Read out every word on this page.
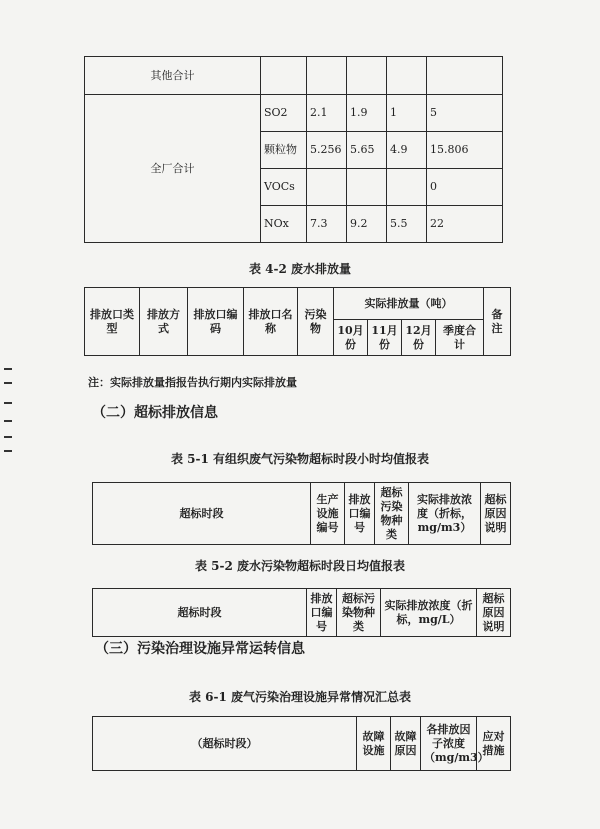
其他合计					
全厂合计	SO2	2.1	1.9	1	5
	颗粒物	5.256	5.65	4.9	15.806
	VOCs				0
	NOx	7.3	9.2	5.5	22
表 4-2 废水排放量
排放口类型	排放方式	排放口编码	排放口名称	污染物	实际排放量（吨）				备注
					10月份	11月份	12月份	季度合计	
注：实际排放量指报告执行期内实际排放量
（二）超标排放信息
表 5-1 有组织废气污染物超标时段小时均值报表
超标时段	生产设施编号	排放口编号	超标污染物种类	实际排放浓度（折标，mg/m3）	超标原因说明
表 5-2 废水污染物超标时段日均值报表
超标时段	排放口编号	超标污染物种类	实际排放浓度（折标，mg/L）	超标原因说明
（三）污染治理设施异常运转信息
表 6-1 废气污染治理设施异常情况汇总表
（超标时段）	故障设施	故障原因	各排放因子浓度（mg/m3）	应对措施
